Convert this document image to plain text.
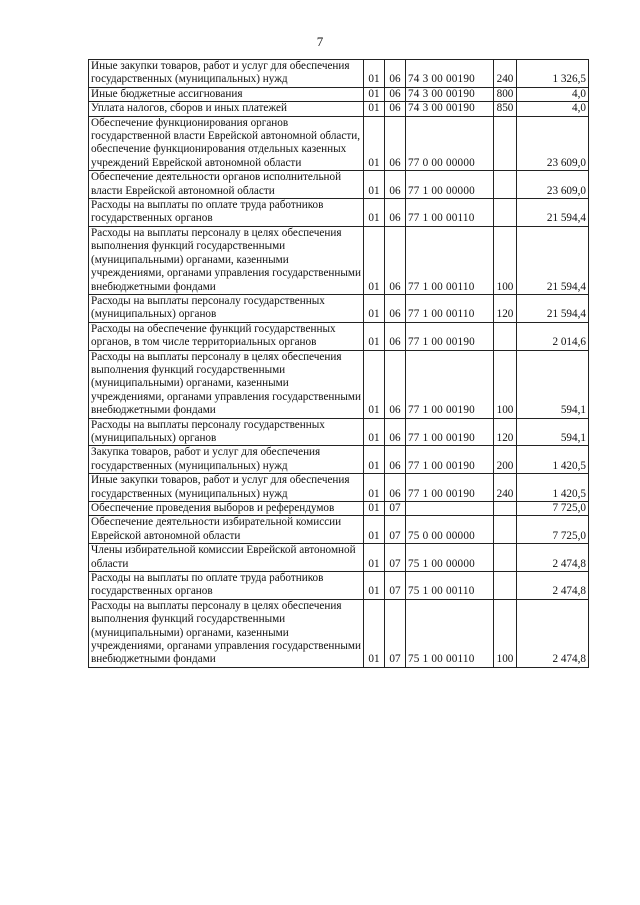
7
Иные закупки товаров, работ и услуг для обеспечения государственных (муниципальных) нужд	01	06	74 3 00 00190	240	1 326,5
Иные бюджетные ассигнования	01	06	74 3 00 00190	800	4,0
Уплата налогов, сборов и иных платежей	01	06	74 3 00 00190	850	4,0
Обеспечение функционирования органов государственной власти Еврейской автономной области, обеспечение функционирования отдельных казенных учреждений Еврейской автономной области	01	06	77 0 00 00000		23 609,0
Обеспечение деятельности органов исполнительной власти Еврейской автономной области	01	06	77 1 00 00000		23 609,0
Расходы на выплаты по оплате труда работников государственных органов	01	06	77 1 00 00110		21 594,4
Расходы на выплаты персоналу в целях обеспечения выполнения функций государственными (муниципальными) органами, казенными учреждениями, органами управления государственными внебюджетными фондами	01	06	77 1 00 00110	100	21 594,4
Расходы на выплаты персоналу государственных (муниципальных) органов	01	06	77 1 00 00110	120	21 594,4
Расходы на обеспечение функций государственных органов, в том числе территориальных органов	01	06	77 1 00 00190		2 014,6
Расходы на выплаты персоналу в целях обеспечения выполнения функций государственными (муниципальными) органами, казенными учреждениями, органами управления государственными внебюджетными фондами	01	06	77 1 00 00190	100	594,1
Расходы на выплаты персоналу государственных (муниципальных) органов	01	06	77 1 00 00190	120	594,1
Закупка товаров, работ и услуг для обеспечения государственных (муниципальных) нужд	01	06	77 1 00 00190	200	1 420,5
Иные закупки товаров, работ и услуг для обеспечения государственных (муниципальных) нужд	01	06	77 1 00 00190	240	1 420,5
Обеспечение проведения выборов и референдумов	01	07			7 725,0
Обеспечение деятельности избирательной комиссии Еврейской автономной области	01	07	75 0 00 00000		7 725,0
Члены избирательной комиссии Еврейской автономной области	01	07	75 1 00 00000		2 474,8
Расходы на выплаты по оплате труда работников государственных органов	01	07	75 1 00 00110		2 474,8
Расходы на выплаты персоналу в целях обеспечения выполнения функций государственными (муниципальными) органами, казенными учреждениями, органами управления государственными внебюджетными фондами	01	07	75 1 00 00110	100	2 474,8
